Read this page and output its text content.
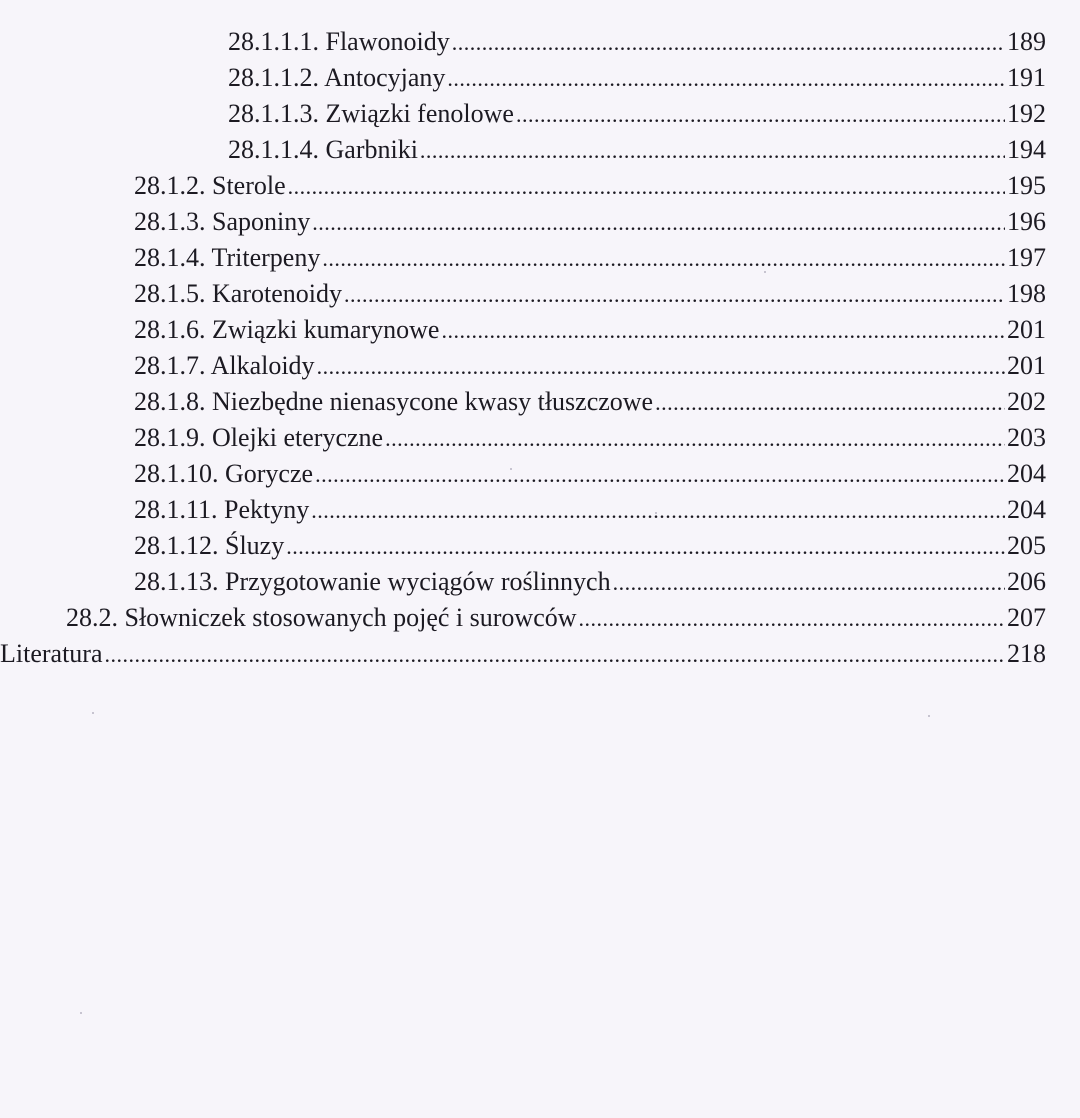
28.1.1.1. Flawonoidy .....	189
28.1.1.2. Antocyjany .....	191
28.1.1.3. Związki fenolowe .....	192
28.1.1.4. Garbniki .....	194
28.1.2. Sterole .....	195
28.1.3. Saponiny .....	196
28.1.4. Triterpeny .....	197
28.1.5. Karotenoidy .....	198
28.1.6. Związki kumarynowe .....	201
28.1.7. Alkaloidy .....	201
28.1.8. Niezbędne nienasycone kwasy tłuszczowe .....	202
28.1.9. Olejki eteryczne .....	203
28.1.10. Gorycze .....	204
28.1.11. Pektyny .....	204
28.1.12. Śluzy .....	205
28.1.13. Przygotowanie wyciągów roślinnych .....	206
28.2. Słowniczek stosowanych pojęć i surowców .....	207
Literatura .....	218
